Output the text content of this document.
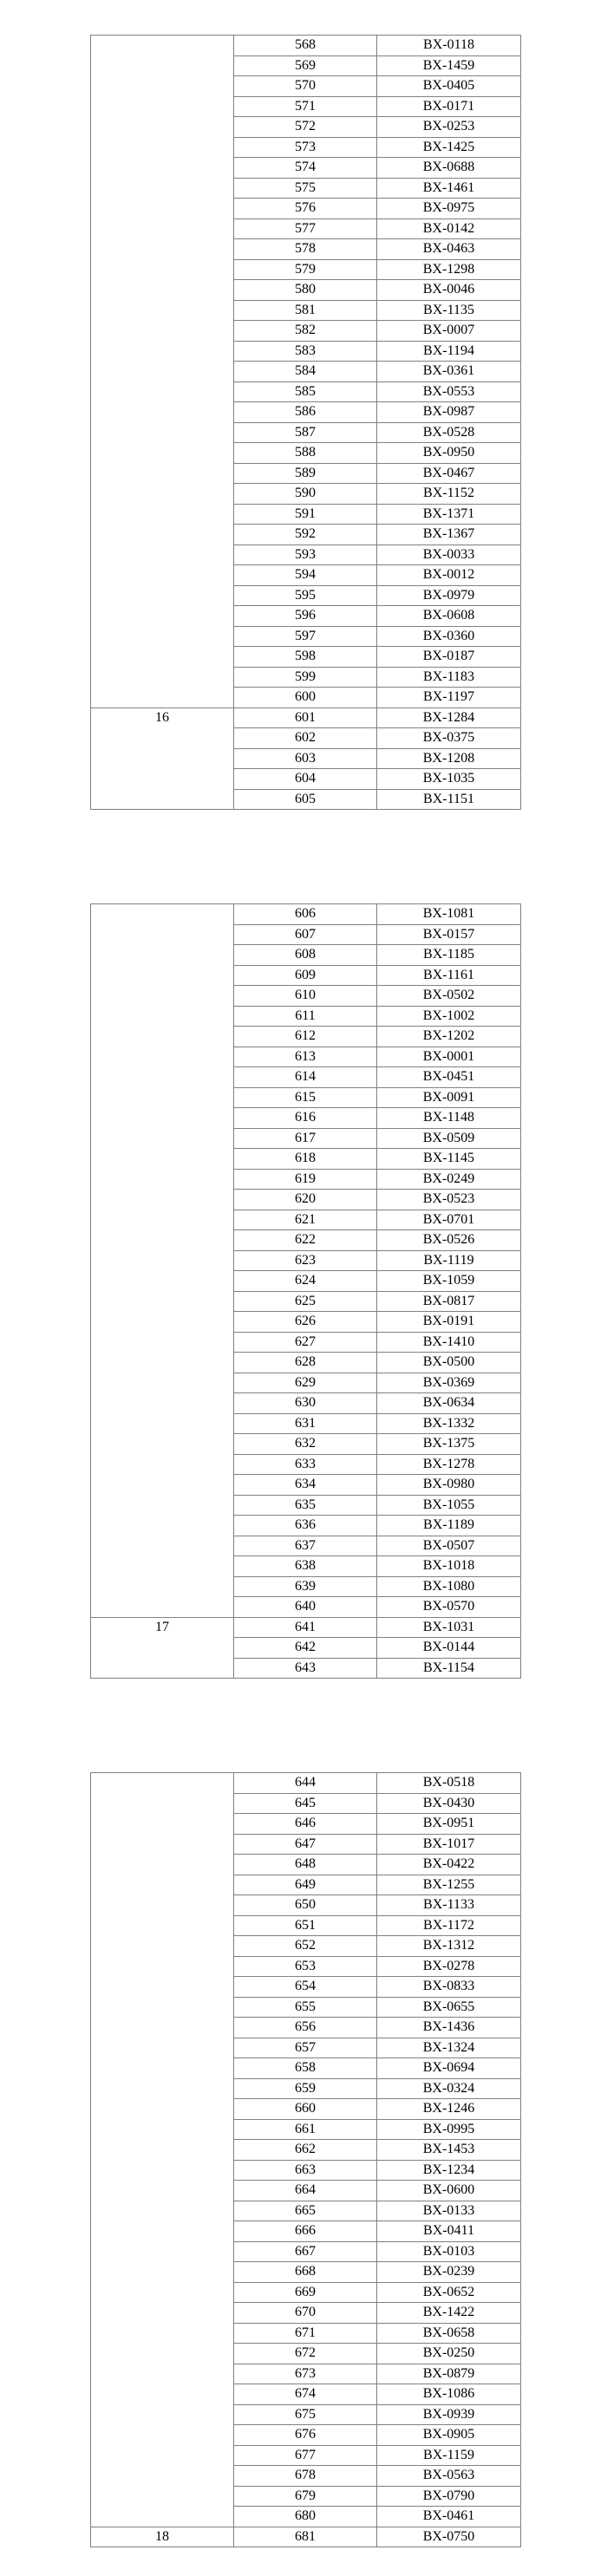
	568	BX-0118
	569	BX-1459
	570	BX-0405
	571	BX-0171
	572	BX-0253
	573	BX-1425
	574	BX-0688
	575	BX-1461
	576	BX-0975
	577	BX-0142
	578	BX-0463
	579	BX-1298
	580	BX-0046
	581	BX-1135
	582	BX-0007
	583	BX-1194
	584	BX-0361
	585	BX-0553
	586	BX-0987
	587	BX-0528
	588	BX-0950
	589	BX-0467
	590	BX-1152
	591	BX-1371
	592	BX-1367
	593	BX-0033
	594	BX-0012
	595	BX-0979
	596	BX-0608
	597	BX-0360
	598	BX-0187
	599	BX-1183
	600	BX-1197
16	601	BX-1284
	602	BX-0375
	603	BX-1208
	604	BX-1035
	605	BX-1151
	606	BX-1081
	607	BX-0157
	608	BX-1185
	609	BX-1161
	610	BX-0502
	611	BX-1002
	612	BX-1202
	613	BX-0001
	614	BX-0451
	615	BX-0091
	616	BX-1148
	617	BX-0509
	618	BX-1145
	619	BX-0249
	620	BX-0523
	621	BX-0701
	622	BX-0526
	623	BX-1119
	624	BX-1059
	625	BX-0817
	626	BX-0191
	627	BX-1410
	628	BX-0500
	629	BX-0369
	630	BX-0634
	631	BX-1332
	632	BX-1375
	633	BX-1278
	634	BX-0980
	635	BX-1055
	636	BX-1189
	637	BX-0507
	638	BX-1018
	639	BX-1080
	640	BX-0570
17	641	BX-1031
	642	BX-0144
	643	BX-1154
	644	BX-0518
	645	BX-0430
	646	BX-0951
	647	BX-1017
	648	BX-0422
	649	BX-1255
	650	BX-1133
	651	BX-1172
	652	BX-1312
	653	BX-0278
	654	BX-0833
	655	BX-0655
	656	BX-1436
	657	BX-1324
	658	BX-0694
	659	BX-0324
	660	BX-1246
	661	BX-0995
	662	BX-1453
	663	BX-1234
	664	BX-0600
	665	BX-0133
	666	BX-0411
	667	BX-0103
	668	BX-0239
	669	BX-0652
	670	BX-1422
	671	BX-0658
	672	BX-0250
	673	BX-0879
	674	BX-1086
	675	BX-0939
	676	BX-0905
	677	BX-1159
	678	BX-0563
	679	BX-0790
	680	BX-0461
18	681	BX-0750
